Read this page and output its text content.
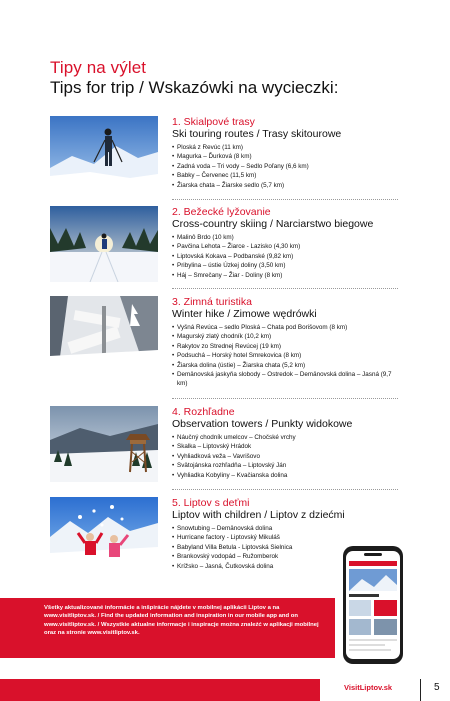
Tipy na výlet
Tips for trip / Wskazówki na wycieczki:

1. Skialpové trasy

Ski touring routes / Trasy skitourowe

• Ploská z Revúc (11 km)
• Magurka – Ďurková (8 km)
• Zadná voda – Tri vody – Sedlo Poľany (6,6 km)
• Babky – Červenec (11,5 km)
• Žiarska chata – Žiarske sedlo (5,7 km)

2. Bežecké lyžovanie

Cross-country skiing / Narciarstwo biegowe

• Malinô Brdo (10 km)
• Pavčina Lehota – Žiarce - Lazisko (4,30 km)
• Liptovská Kokava – Podbanské (9,82 km)
• Pribylina – ústie Úzkej doliny (3,50 km)
• Háj – Smrečany – Žiar - Doliny (8 km)

3. Zimná turistika

Winter hike / Zimowe wędrówki

• Vyšná Revúca – sedlo Ploská – Chata pod Borišovom (8 km)
• Magurský zlatý chodník (10,2 km)
• Rakytov zo Strednej Revúcej (19 km)
• Podsuchá – Horský hotel Smrekovica (8 km)
• Žiarska dolina (ústie) – Žiarska chata (5,2 km)
• Demänovská jaskyňa slobody – Ostredok – Demänovská dolina – Jasná (9,7 km)

4. Rozhľadne

Observation towers / Punkty widokowe

• Náučný chodník umelcov – Chočské vrchy
• Skalka – Liptovský Hrádok
• Vyhliadková veža – Vavrišovo
• Svätojánska rozhľadňa – Liptovský Ján
• Vyhliadka Kobyliny – Kvačianska dolina

5. Liptov s deťmi

Liptov with children / Liptov z dziećmi

• Snowtubing – Demänovská dolina
• Hurricane factory - Liptovský Mikuláš
• Babyland Villa Betula - Liptovská Sielnica
• Brankovský vodopád – Ružomberok
• Krížsko – Jasná, Čutkovská dolina

Všetky aktualizované informácie a inšpirácie nájdete v mobilnej aplikácii Liptov a na www.visitliptov.sk. / Find the updated information and inspiration in our mobile app and on www.visitliptov.sk. / Wszystkie aktualne informacje i inspiracje można znaleźć w aplikacji mobilnej oraz na stronie www.visitliptov.sk.

VisitLiptov.sk	5
